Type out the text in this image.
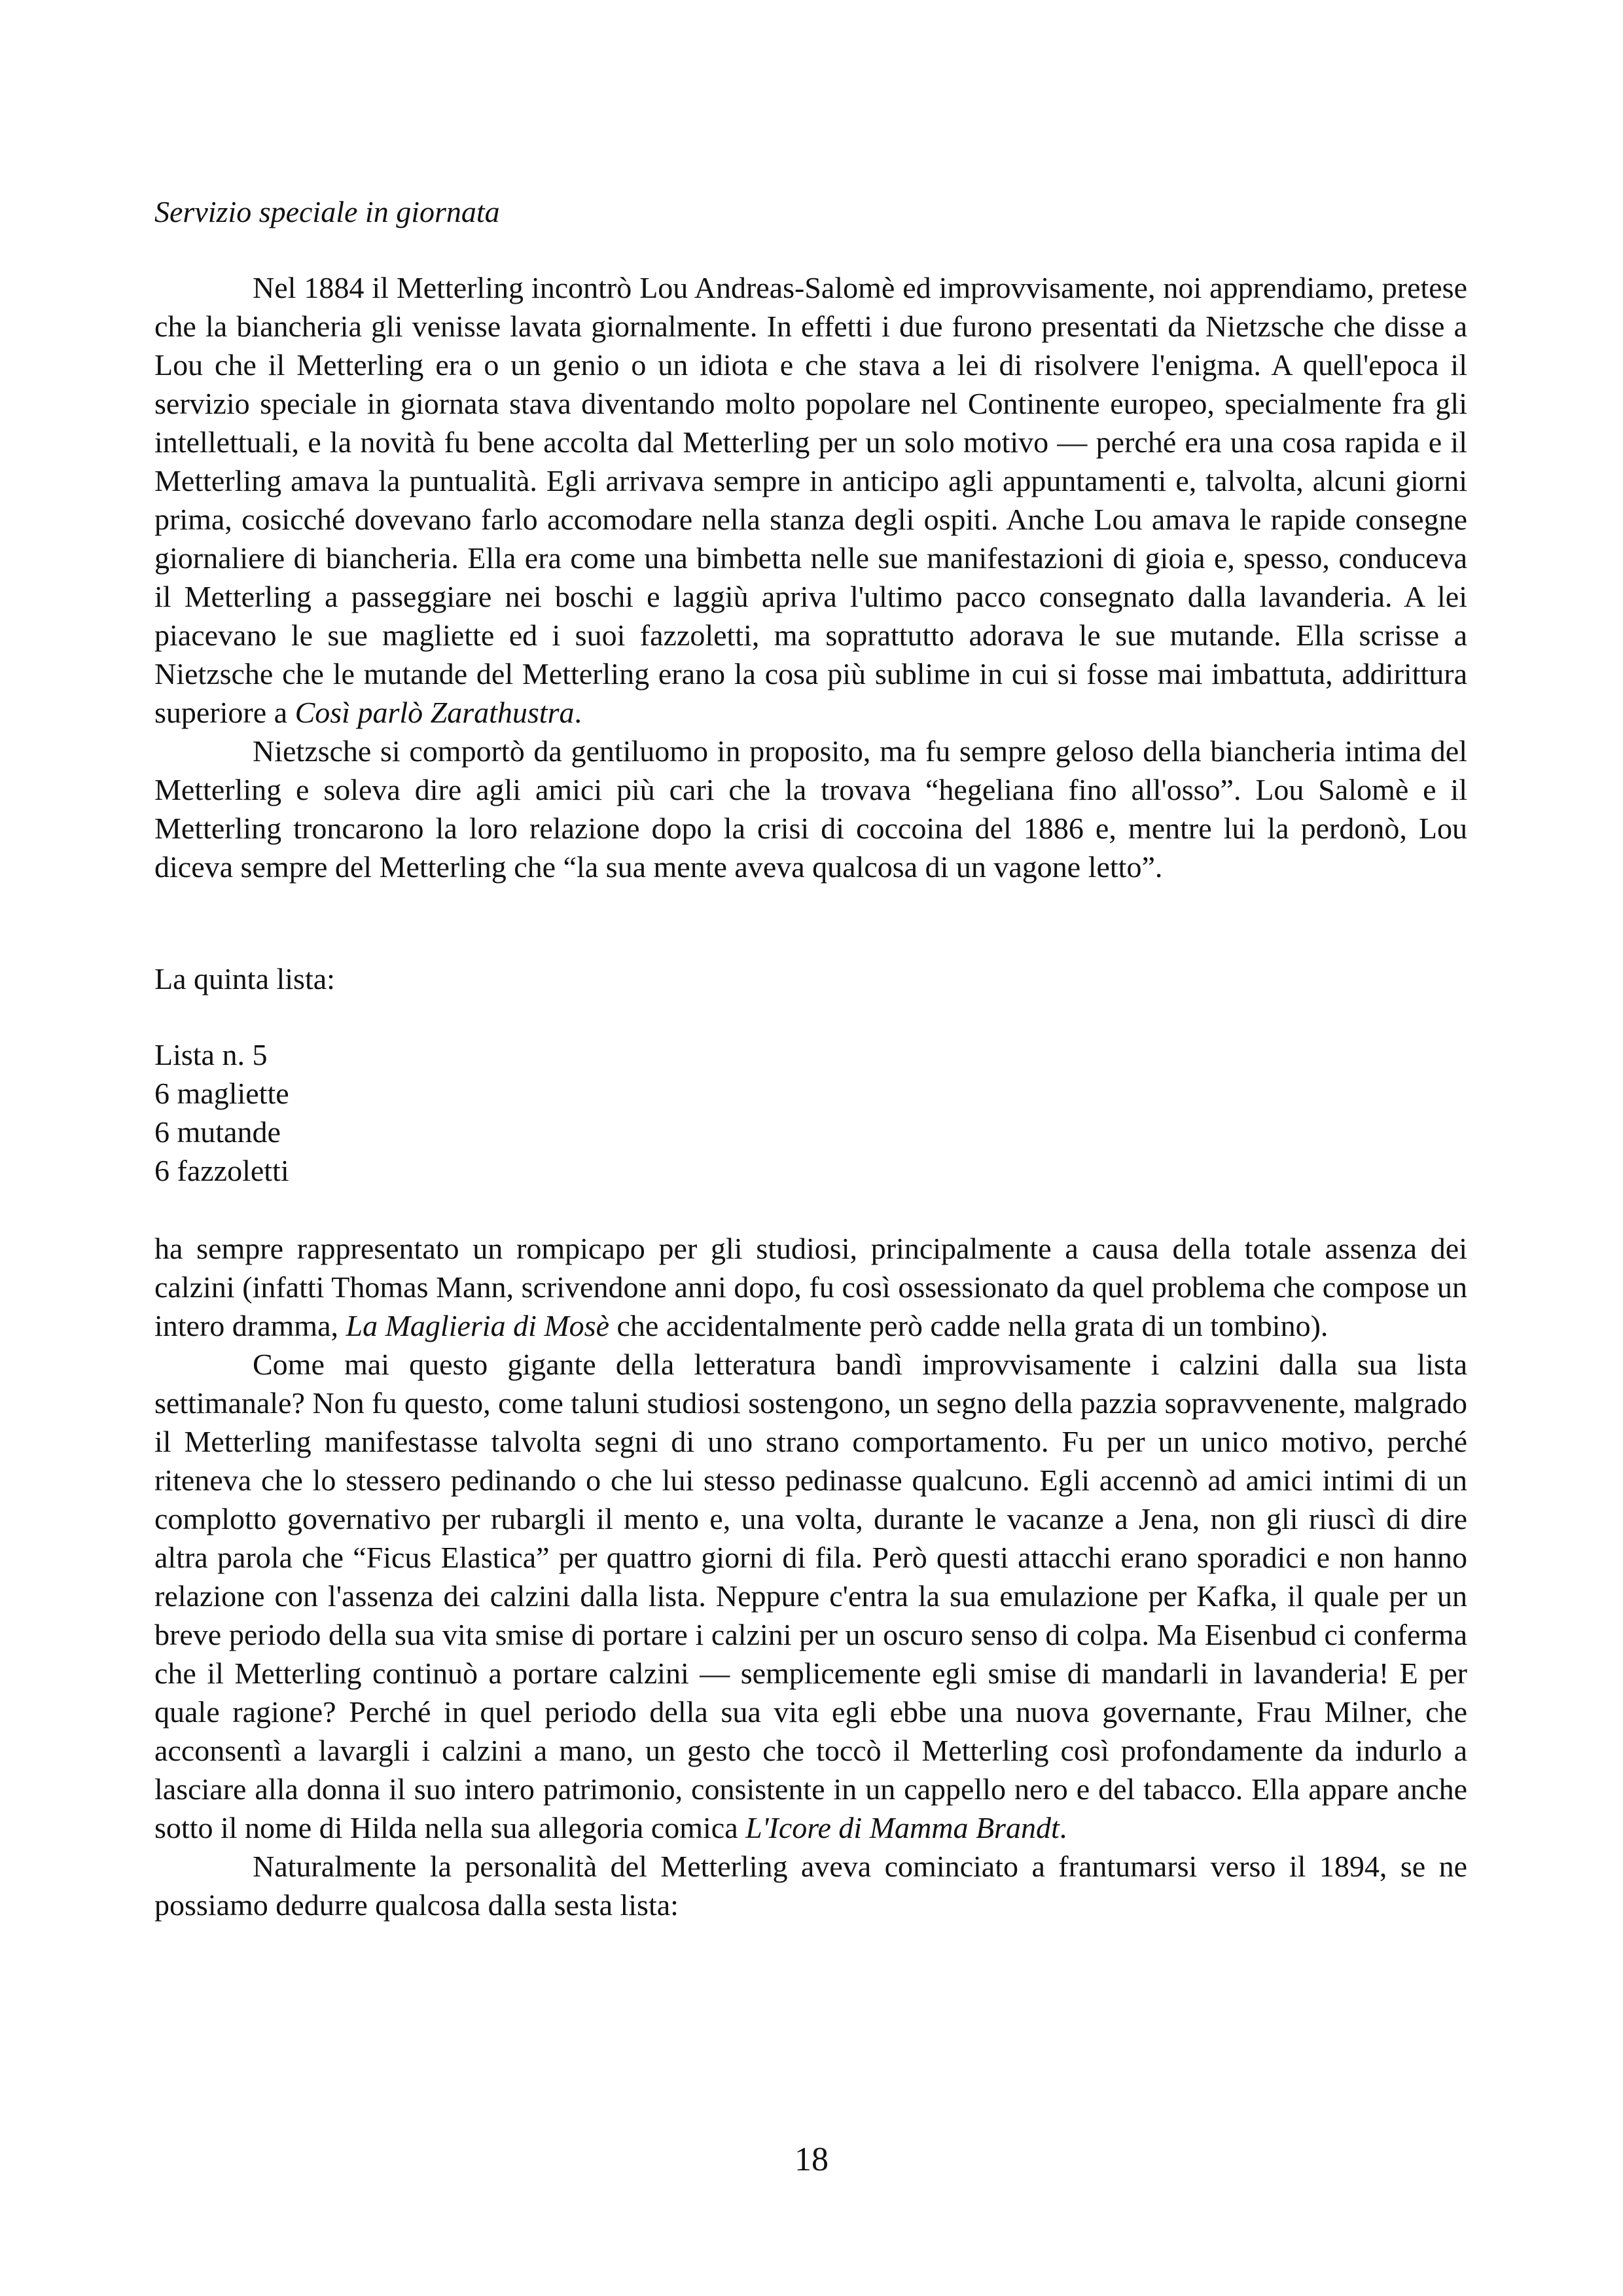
Servizio speciale in giornata

Nel 1884 il Metterling incontrò Lou Andreas-Salomè ed improvvisamente, noi apprendiamo, pretese che la biancheria gli venisse lavata giornalmente. In effetti i due furono presentati da Nietzsche che disse a Lou che il Metterling era o un genio o un idiota e che stava a lei di risolvere l'enigma. A quell'epoca il servizio speciale in giornata stava diventando molto popolare nel Continente europeo, specialmente fra gli intellettuali, e la novità fu bene accolta dal Metterling per un solo motivo — perché era una cosa rapida e il Metterling amava la puntualità. Egli arrivava sempre in anticipo agli appuntamenti e, talvolta, alcuni giorni prima, cosicché dovevano farlo accomodare nella stanza degli ospiti. Anche Lou amava le rapide consegne giornaliere di biancheria. Ella era come una bimbetta nelle sue manifestazioni di gioia e, spesso, conduceva il Metterling a passeggiare nei boschi e laggiù apriva l'ultimo pacco consegnato dalla lavanderia. A lei piacevano le sue magliette ed i suoi fazzoletti, ma soprattutto adorava le sue mutande. Ella scrisse a Nietzsche che le mutande del Metterling erano la cosa più sublime in cui si fosse mai imbattuta, addirittura superiore a Così parlò Zarathustra.

Nietzsche si comportò da gentiluomo in proposito, ma fu sempre geloso della biancheria intima del Metterling e soleva dire agli amici più cari che la trovava “hegeliana fino all'osso”. Lou Salomè e il Metterling troncarono la loro relazione dopo la crisi di coccoina del 1886 e, mentre lui la perdonò, Lou diceva sempre del Metterling che “la sua mente aveva qualcosa di un vagone letto”.

La quinta lista:

Lista n. 5

6 magliette

6 mutande

6 fazzoletti

ha sempre rappresentato un rompicapo per gli studiosi, principalmente a causa della totale assenza dei calzini (infatti Thomas Mann, scrivendone anni dopo, fu così ossessionato da quel problema che compose un intero dramma, La Maglieria di Mosè che accidentalmente però cadde nella grata di un tombino).

Come mai questo gigante della letteratura bandì improvvisamente i calzini dalla sua lista settimanale? Non fu questo, come taluni studiosi sostengono, un segno della pazzia sopravvenente, malgrado il Metterling manifestasse talvolta segni di uno strano comportamento. Fu per un unico motivo, perché riteneva che lo stessero pedinando o che lui stesso pedinasse qualcuno. Egli accennò ad amici intimi di un complotto governativo per rubargli il mento e, una volta, durante le vacanze a Jena, non gli riuscì di dire altra parola che “Ficus Elastica” per quattro giorni di fila. Però questi attacchi erano sporadici e non hanno relazione con l'assenza dei calzini dalla lista. Neppure c'entra la sua emulazione per Kafka, il quale per un breve periodo della sua vita smise di portare i calzini per un oscuro senso di colpa. Ma Eisenbud ci conferma che il Metterling continuò a portare calzini — semplicemente egli smise di mandarli in lavanderia! E per quale ragione? Perché in quel periodo della sua vita egli ebbe una nuova governante, Frau Milner, che acconsentì a lavargli i calzini a mano, un gesto che toccò il Metterling così profondamente da indurlo a lasciare alla donna il suo intero patrimonio, consistente in un cappello nero e del tabacco. Ella appare anche sotto il nome di Hilda nella sua allegoria comica L'Icore di Mamma Brandt.

Naturalmente la personalità del Metterling aveva cominciato a frantumarsi verso il 1894, se ne possiamo dedurre qualcosa dalla sesta lista:

18
